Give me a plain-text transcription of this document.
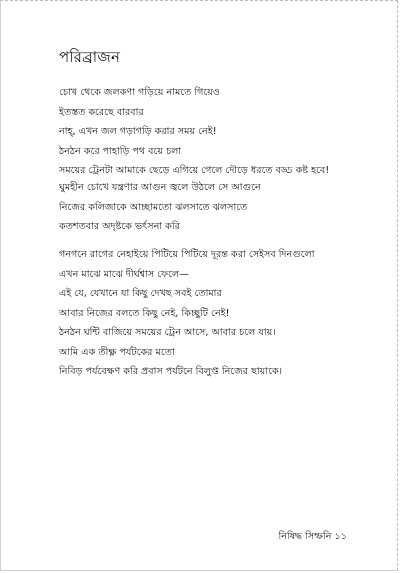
পরিব্রাজন
চোখ থেকে জলকণা গড়িয়ে নামতে গিয়েও
ইতস্তত করেছে বারবার
নাহ্‌, এখন জল গড়াগড়ি করার সময় নেই!
ঠনঠন করে পাহাড়ি পথ বয়ে চলা
সময়ের ট্রেনটা আমাকে ছেড়ে এগিয়ে গেলে দৌড়ে ধরতে বড্ড কষ্ট হবে!
ঘুমহীন চোখে যন্ত্রণার আগুন জ্বলে উঠলে সে আগুনে
নিজের কলিজাকে আচ্ছামতো ঝলসাতে ঝলসাতে
কতশতবার অদৃষ্টকে ভর্ৎসনা করি
গনগনে রাগের নেহাইয়ে পিটিয়ে পিটিয়ে দূরন্ত করা সেইসব দিনগুলো
এখন মাঝে মাঝে দীর্ঘশ্বাস ফেলে—
এই যে, যেখানে যা কিছু দেখছ সবই তোমার
আবার নিজের বলতে কিছু নেই, কিচ্ছুটি নেই!
ঠনঠন ঘন্টি বাজিয়ে সময়ের ট্রেন আসে, আবার চলে যায়।
আমি এক তীক্ষ্ণ পর্যটকের মতো
নিবিড় পর্যবেক্ষণ করি প্রবাস পর্যটনে বিলুপ্ত নিজের ছায়াকে।
নিষিদ্ধ সিম্ফনি ১১
